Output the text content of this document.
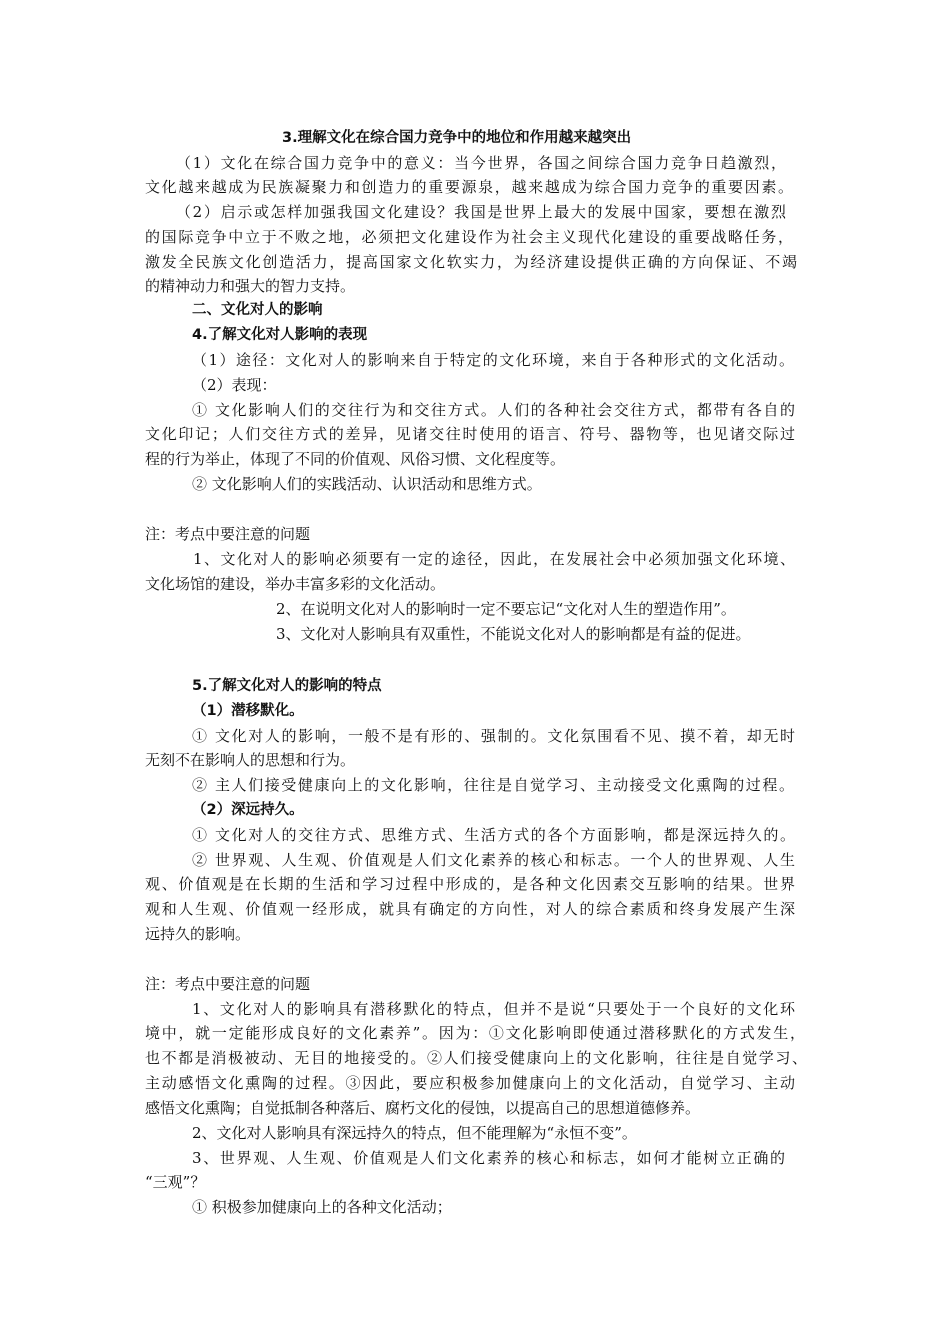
3.理解文化在综合国力竞争中的地位和作用越来越突出
（1）文化在综合国力竞争中的意义：当今世界，各国之间综合国力竞争日趋激烈，
文化越来越成为民族凝聚力和创造力的重要源泉，越来越成为综合国力竞争的重要因素。
（2）启示或怎样加强我国文化建设？我国是世界上最大的发展中国家，要想在激烈
的国际竞争中立于不败之地，必须把文化建设作为社会主义现代化建设的重要战略任务，
激发全民族文化创造活力，提高国家文化软实力，为经济建设提供正确的方向保证、不竭
的精神动力和强大的智力支持。
二、文化对人的影响
4.了解文化对人影响的表现
（1）途径：文化对人的影响来自于特定的文化环境，来自于各种形式的文化活动。
（2）表现：
① 文化影响人们的交往行为和交往方式。人们的各种社会交往方式，都带有各自的
文化印记；人们交往方式的差异，见诸交往时使用的语言、符号、器物等，也见诸交际过
程的行为举止，体现了不同的价值观、风俗习惯、文化程度等。
② 文化影响人们的实践活动、认识活动和思维方式。
注：考点中要注意的问题
1、文化对人的影响必须要有一定的途径，因此，在发展社会中必须加强文化环境、
文化场馆的建设，举办丰富多彩的文化活动。
2、在说明文化对人的影响时一定不要忘记“文化对人生的塑造作用”。
3、文化对人影响具有双重性，不能说文化对人的影响都是有益的促进。
5.了解文化对人的影响的特点
（1）潜移默化。
① 文化对人的影响，一般不是有形的、强制的。文化氛围看不见、摸不着，却无时
无刻不在影响人的思想和行为。
② 主人们接受健康向上的文化影响，往往是自觉学习、主动接受文化熏陶的过程。
（2）深远持久。
① 文化对人的交往方式、思维方式、生活方式的各个方面影响，都是深远持久的。
② 世界观、人生观、价值观是人们文化素养的核心和标志。一个人的世界观、人生
观、价值观是在长期的生活和学习过程中形成的，是各种文化因素交互影响的结果。世界
观和人生观、价值观一经形成，就具有确定的方向性，对人的综合素质和终身发展产生深
远持久的影响。
注：考点中要注意的问题
1、文化对人的影响具有潜移默化的特点，但并不是说“只要处于一个良好的文化环
境中，就一定能形成良好的文化素养”。因为：①文化影响即使通过潜移默化的方式发生，
也不都是消极被动、无目的地接受的。②人们接受健康向上的文化影响，往往是自觉学习、
主动感悟文化熏陶的过程。③因此，要应积极参加健康向上的文化活动，自觉学习、主动
感悟文化熏陶；自觉抵制各种落后、腐朽文化的侵蚀，以提高自己的思想道德修养。
2、文化对人影响具有深远持久的特点，但不能理解为“永恒不变”。
3、世界观、人生观、价值观是人们文化素养的核心和标志，如何才能树立正确的
“三观”？
① 积极参加健康向上的各种文化活动；
